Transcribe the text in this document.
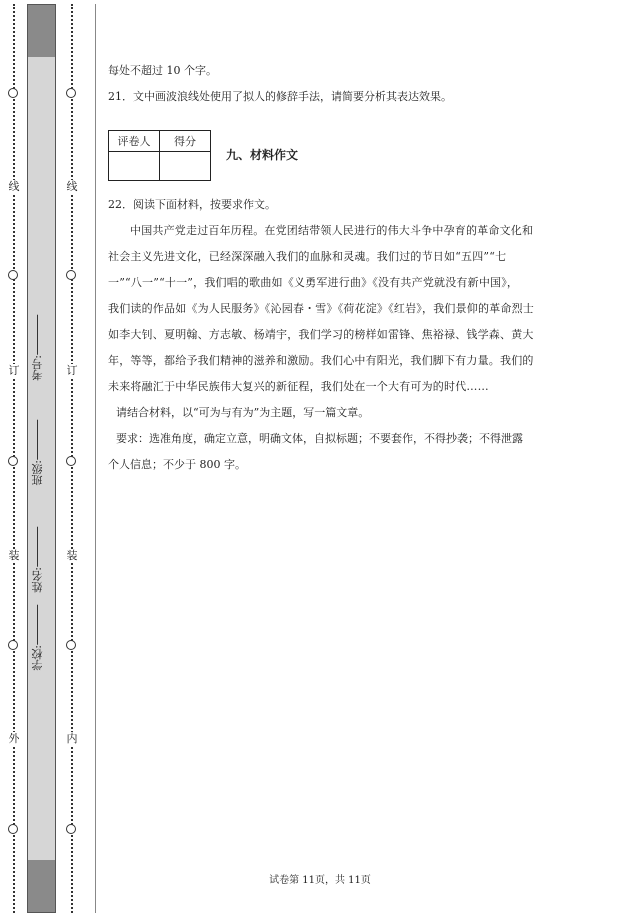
线
订
装
外
考号:
班级:
姓名:
学校:
线
订
装
内

每处不超过 10 个字。

21．文中画波浪线处使用了拟人的修辞手法，请简要分析其表达效果。

评卷人	得分

九、材料作文

22．阅读下面材料，按要求作文。

中国共产党走过百年历程。在党团结带领人民进行的伟大斗争中孕育的革命文化和

社会主义先进文化，已经深深融入我们的血脉和灵魂。我们过的节日如“五四”“七

一”“八一”“十一”，我们唱的歌曲如《义勇军进行曲》《没有共产党就没有新中国》，

我们读的作品如《为人民服务》《沁园春・雪》《荷花淀》《红岩》，我们景仰的革命烈士

如李大钊、夏明翰、方志敏、杨靖宇，我们学习的榜样如雷锋、焦裕禄、钱学森、黄大

年，等等，都给予我们精神的滋养和激励。我们心中有阳光，我们脚下有力量。我们的

未来将融汇于中华民族伟大复兴的新征程，我们处在一个大有可为的时代……

请结合材料，以“可为与有为”为主题，写一篇文章。

要求：选准角度，确定立意，明确文体，自拟标题；不要套作，不得抄袭；不得泄露

个人信息；不少于 800 字。

试卷第 11页，共 11页
